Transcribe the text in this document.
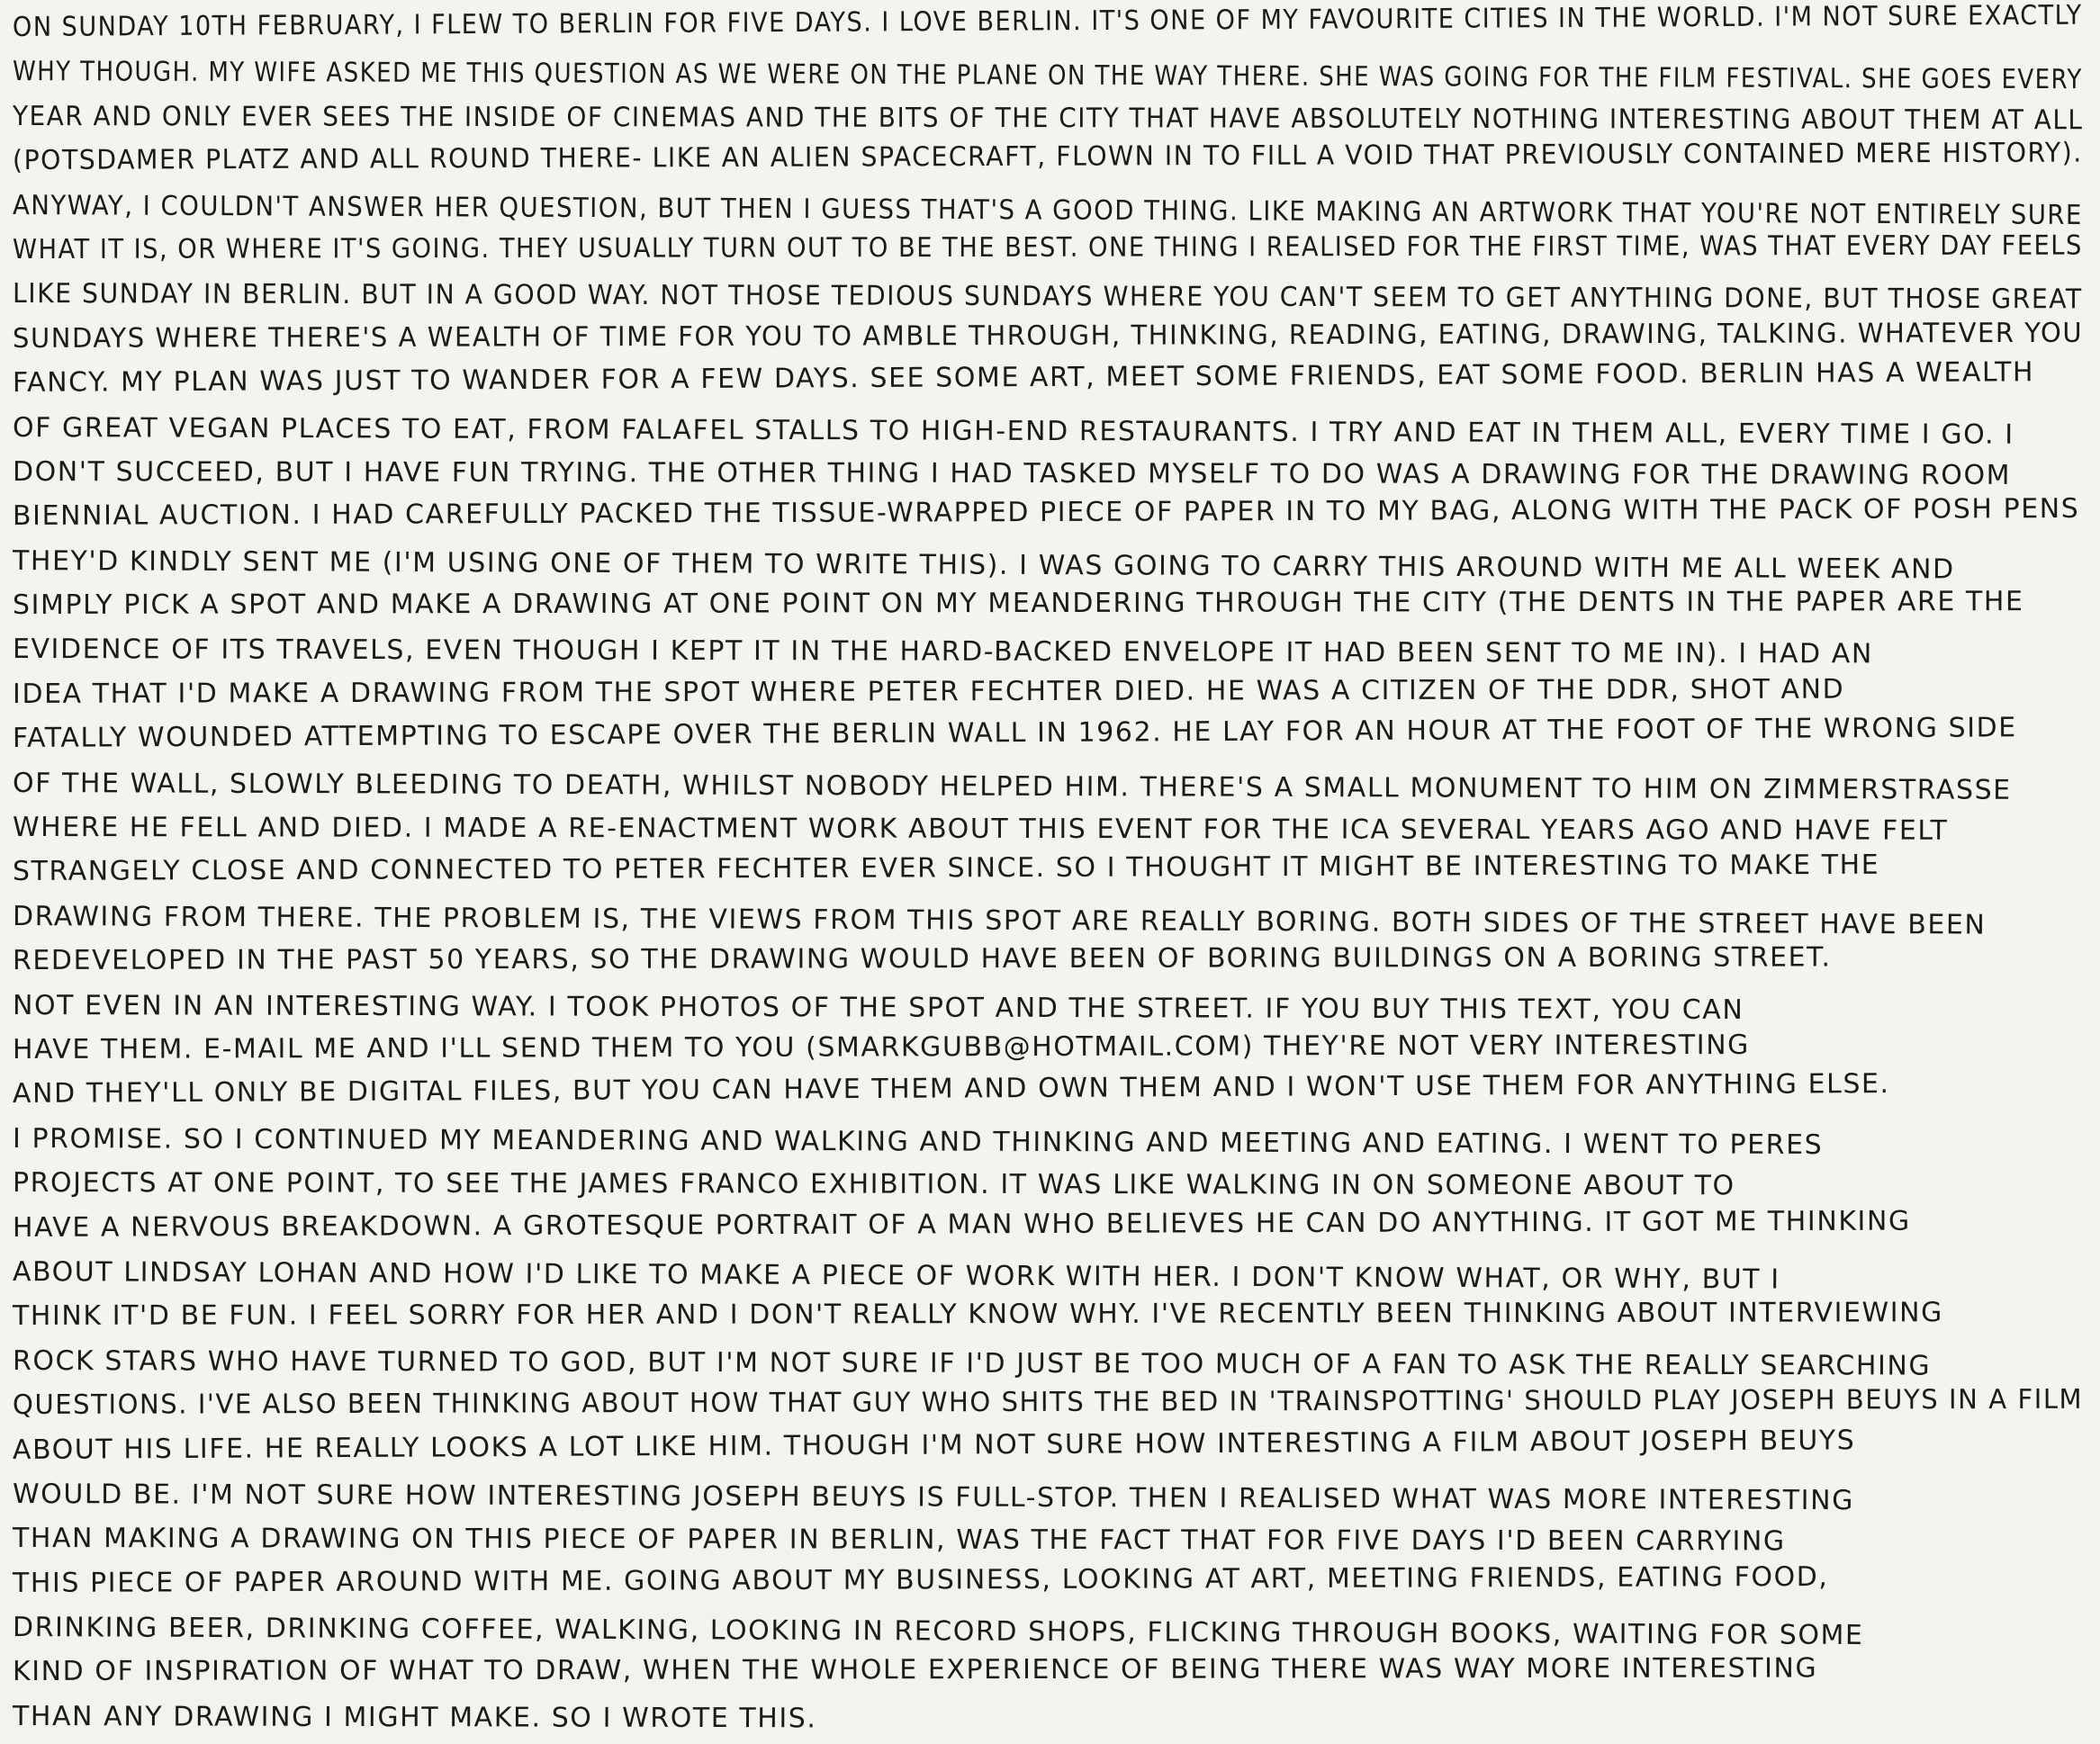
ON SUNDAY 10TH FEBRUARY, I FLEW TO BERLIN FOR FIVE DAYS. I LOVE BERLIN. IT'S ONE OF MY FAVOURITE CITIES IN THE WORLD. I'M NOT SURE EXACTLY
WHY THOUGH. MY WIFE ASKED ME THIS QUESTION AS WE WERE ON THE PLANE ON THE WAY THERE. SHE WAS GOING FOR THE FILM FESTIVAL. SHE GOES EVERY
YEAR AND ONLY EVER SEES THE INSIDE OF CINEMAS AND THE BITS OF THE CITY THAT HAVE ABSOLUTELY NOTHING INTERESTING ABOUT THEM AT ALL
(POTSDAMER PLATZ AND ALL ROUND THERE- LIKE AN ALIEN SPACECRAFT, FLOWN IN TO FILL A VOID THAT PREVIOUSLY CONTAINED MERE HISTORY).
ANYWAY, I COULDN'T ANSWER HER QUESTION, BUT THEN I GUESS THAT'S A GOOD THING. LIKE MAKING AN ARTWORK THAT YOU'RE NOT ENTIRELY SURE
WHAT IT IS, OR WHERE IT'S GOING. THEY USUALLY TURN OUT TO BE THE BEST. ONE THING I REALISED FOR THE FIRST TIME, WAS THAT EVERY DAY FEELS
LIKE SUNDAY IN BERLIN. BUT IN A GOOD WAY. NOT THOSE TEDIOUS SUNDAYS WHERE YOU CAN'T SEEM TO GET ANYTHING DONE, BUT THOSE GREAT
SUNDAYS WHERE THERE'S A WEALTH OF TIME FOR YOU TO AMBLE THROUGH, THINKING, READING, EATING, DRAWING, TALKING. WHATEVER YOU
FANCY. MY PLAN WAS JUST TO WANDER FOR A FEW DAYS. SEE SOME ART, MEET SOME FRIENDS, EAT SOME FOOD. BERLIN HAS A WEALTH
OF GREAT VEGAN PLACES TO EAT, FROM FALAFEL STALLS TO HIGH-END RESTAURANTS. I TRY AND EAT IN THEM ALL, EVERY TIME I GO. I
DON'T SUCCEED, BUT I HAVE FUN TRYING. THE OTHER THING I HAD TASKED MYSELF TO DO WAS A DRAWING FOR THE DRAWING ROOM
BIENNIAL AUCTION. I HAD CAREFULLY PACKED THE TISSUE-WRAPPED PIECE OF PAPER IN TO MY BAG, ALONG WITH THE PACK OF POSH PENS
THEY'D KINDLY SENT ME (I'M USING ONE OF THEM TO WRITE THIS). I WAS GOING TO CARRY THIS AROUND WITH ME ALL WEEK AND
SIMPLY PICK A SPOT AND MAKE A DRAWING AT ONE POINT ON MY MEANDERING THROUGH THE CITY (THE DENTS IN THE PAPER ARE THE
EVIDENCE OF ITS TRAVELS, EVEN THOUGH I KEPT IT IN THE HARD-BACKED ENVELOPE IT HAD BEEN SENT TO ME IN). I HAD AN
IDEA THAT I'D MAKE A DRAWING FROM THE SPOT WHERE PETER FECHTER DIED. HE WAS A CITIZEN OF THE DDR, SHOT AND
FATALLY WOUNDED ATTEMPTING TO ESCAPE OVER THE BERLIN WALL IN 1962. HE LAY FOR AN HOUR AT THE FOOT OF THE WRONG SIDE
OF THE WALL, SLOWLY BLEEDING TO DEATH, WHILST NOBODY HELPED HIM. THERE'S A SMALL MONUMENT TO HIM ON ZIMMERSTRASSE
WHERE HE FELL AND DIED. I MADE A RE-ENACTMENT WORK ABOUT THIS EVENT FOR THE ICA SEVERAL YEARS AGO AND HAVE FELT
STRANGELY CLOSE AND CONNECTED TO PETER FECHTER EVER SINCE. SO I THOUGHT IT MIGHT BE INTERESTING TO MAKE THE
DRAWING FROM THERE. THE PROBLEM IS, THE VIEWS FROM THIS SPOT ARE REALLY BORING. BOTH SIDES OF THE STREET HAVE BEEN
REDEVELOPED IN THE PAST 50 YEARS, SO THE DRAWING WOULD HAVE BEEN OF BORING BUILDINGS ON A BORING STREET.
NOT EVEN IN AN INTERESTING WAY. I TOOK PHOTOS OF THE SPOT AND THE STREET. IF YOU BUY THIS TEXT, YOU CAN
HAVE THEM. E-MAIL ME AND I'LL SEND THEM TO YOU (SMARKGUBB@HOTMAIL.COM) THEY'RE NOT VERY INTERESTING
AND THEY'LL ONLY BE DIGITAL FILES, BUT YOU CAN HAVE THEM AND OWN THEM AND I WON'T USE THEM FOR ANYTHING ELSE.
I PROMISE. SO I CONTINUED MY MEANDERING AND WALKING AND THINKING AND MEETING AND EATING. I WENT TO PERES
PROJECTS AT ONE POINT, TO SEE THE JAMES FRANCO EXHIBITION. IT WAS LIKE WALKING IN ON SOMEONE ABOUT TO
HAVE A NERVOUS BREAKDOWN. A GROTESQUE PORTRAIT OF A MAN WHO BELIEVES HE CAN DO ANYTHING. IT GOT ME THINKING
ABOUT LINDSAY LOHAN AND HOW I'D LIKE TO MAKE A PIECE OF WORK WITH HER. I DON'T KNOW WHAT, OR WHY, BUT I
THINK IT'D BE FUN. I FEEL SORRY FOR HER AND I DON'T REALLY KNOW WHY. I'VE RECENTLY BEEN THINKING ABOUT INTERVIEWING
ROCK STARS WHO HAVE TURNED TO GOD, BUT I'M NOT SURE IF I'D JUST BE TOO MUCH OF A FAN TO ASK THE REALLY SEARCHING
QUESTIONS. I'VE ALSO BEEN THINKING ABOUT HOW THAT GUY WHO SHITS THE BED IN 'TRAINSPOTTING' SHOULD PLAY JOSEPH BEUYS IN A FILM
ABOUT HIS LIFE. HE REALLY LOOKS A LOT LIKE HIM. THOUGH I'M NOT SURE HOW INTERESTING A FILM ABOUT JOSEPH BEUYS
WOULD BE. I'M NOT SURE HOW INTERESTING JOSEPH BEUYS IS FULL-STOP. THEN I REALISED WHAT WAS MORE INTERESTING
THAN MAKING A DRAWING ON THIS PIECE OF PAPER IN BERLIN, WAS THE FACT THAT FOR FIVE DAYS I'D BEEN CARRYING
THIS PIECE OF PAPER AROUND WITH ME. GOING ABOUT MY BUSINESS, LOOKING AT ART, MEETING FRIENDS, EATING FOOD,
DRINKING BEER, DRINKING COFFEE, WALKING, LOOKING IN RECORD SHOPS, FLICKING THROUGH BOOKS, WAITING FOR SOME
KIND OF INSPIRATION OF WHAT TO DRAW, WHEN THE WHOLE EXPERIENCE OF BEING THERE WAS WAY MORE INTERESTING
THAN ANY DRAWING I MIGHT MAKE. SO I WROTE THIS.
